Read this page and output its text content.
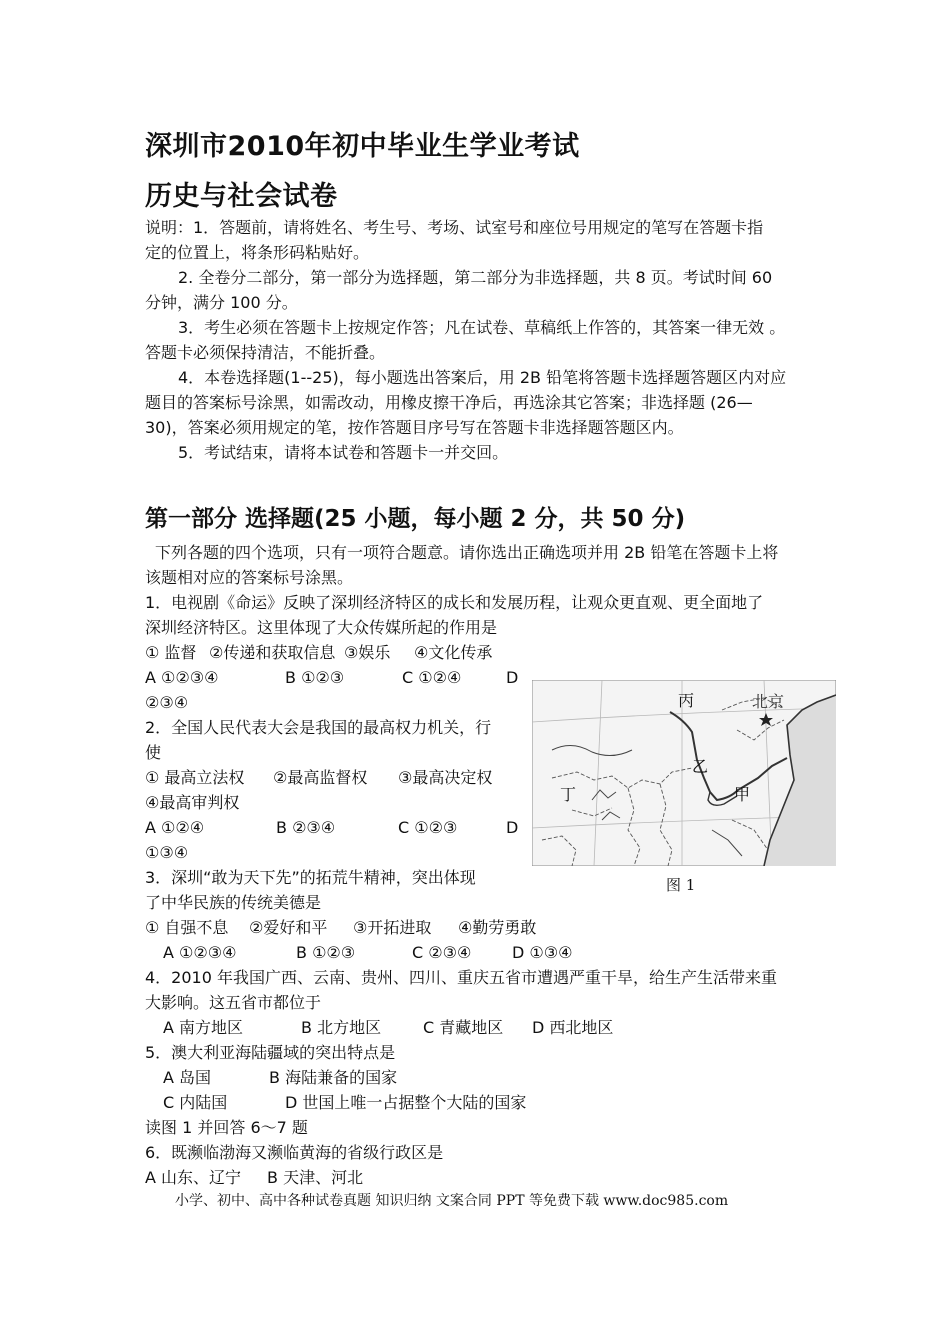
深圳市2010年初中毕业生学业考试
历史与社会试卷
说明：1．答题前，请将姓名、考生号、考场、试室号和座位号用规定的笔写在答题卡指
定的位置上，将条形码粘贴好。
2. 全卷分二部分，第一部分为选择题，第二部分为非选择题，共 8 页。考试时间 60
分钟，满分 100 分。
3．考生必须在答题卡上按规定作答；凡在试卷、草稿纸上作答的，其答案一律无效 。
答题卡必须保持清洁，不能折叠。
4．本卷选择题(1--25)，每小题选出答案后，用 2B 铅笔将答题卡选择题答题区内对应
题目的答案标号涂黑，如需改动，用橡皮擦干净后，再选涂其它答案；非选择题 (26—
30)，答案必须用规定的笔，按作答题目序号写在答题卡非选择题答题区内。
5．考试结束，请将本试卷和答题卡一并交回。
第一部分 选择题(25 小题，每小题 2 分，共 50 分)
下列各题的四个选项，只有一项符合题意。请你选出正确选项并用 2B 铅笔在答题卡上将
该题相对应的答案标号涂黑。
1．电视剧《命运》反映了深圳经济特区的成长和发展历程，让观众更直观、更全面地了
深圳经济特区。这里体现了大众传媒所起的作用是
① 监督 ②传递和获取信息 ③娱乐 ④文化传承
A ①②③④	B ①②③	C ①②④	D
②③④
2．全国人民代表大会是我国的最高权力机关，行
使
① 最高立法权 ②最高监督权 ③最高决定权
④最高审判权
A ①②④	B ②③④	C ①②③	D
①③④
3．深圳“敢为天下先”的拓荒牛精神，突出体现
了中华民族的传统美德是
① 自强不息 ②爱好和平 ③开拓进取 ④勤劳勇敢
A ①②③④	B ①②③	C ②③④	D ①③④
4．2010 年我国广西、云南、贵州、四川、重庆五省市遭遇严重干旱，给生产生活带来重
大影响。这五省市都位于
A 南方地区	B 北方地区	C 青藏地区 D 西北地区
5．澳大利亚海陆疆域的突出特点是
A 岛国	B 海陆兼备的国家
C 内陆国	D 世国上唯一占据整个大陆的国家
读图 1 并回答 6～7 题
6．既濒临渤海又濒临黄海的省级行政区是
A 山东、辽宁 B 天津、河北
丙	北京
乙
丁	甲
图 1
小学、初中、高中各种试卷真题 知识归纳 文案合同 PPT 等免费下载 www.doc985.com
